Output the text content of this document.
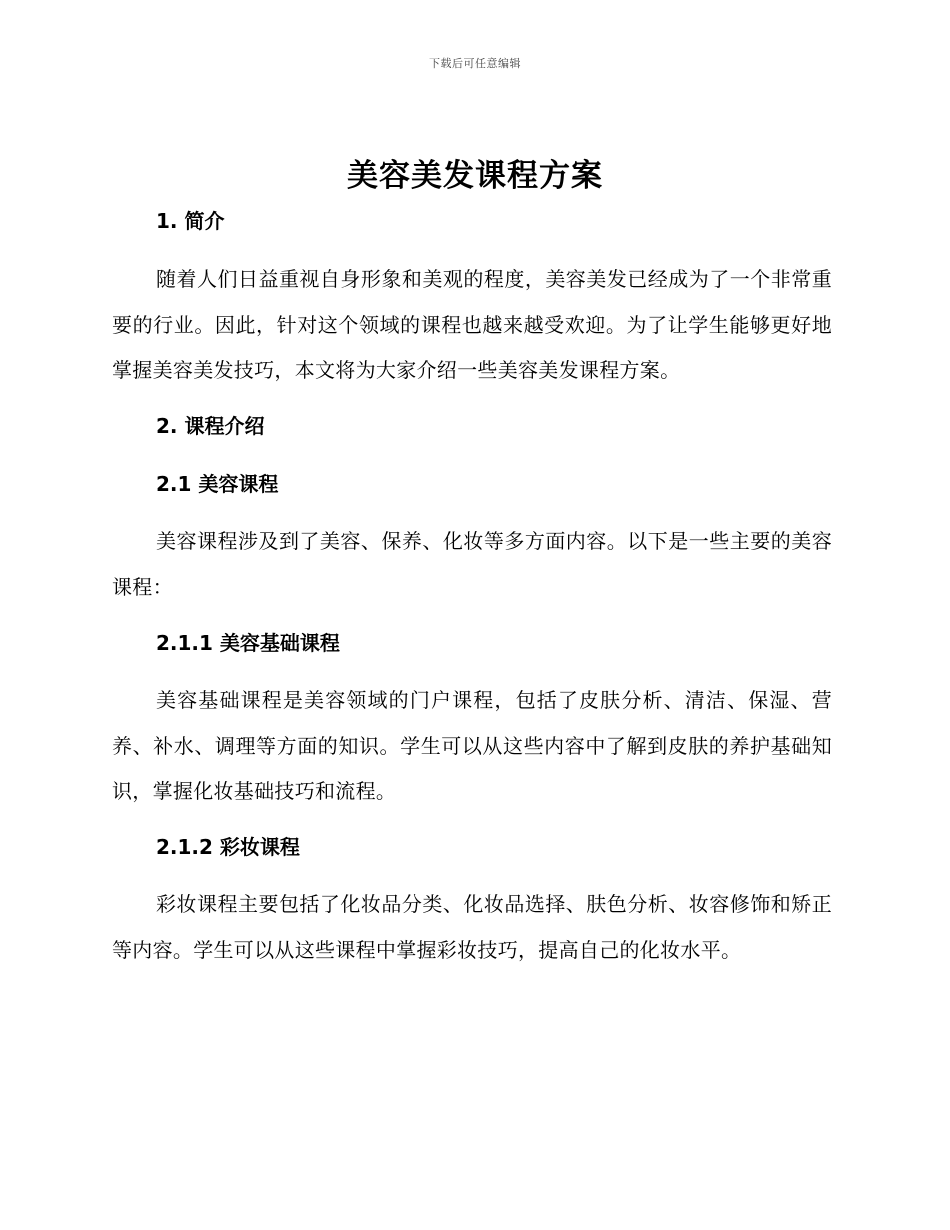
下载后可任意编辑
美容美发课程方案
1. 简介

随着人们日益重视自身形象和美观的程度，美容美发已经成为了一个非常重要的行业。因此，针对这个领域的课程也越来越受欢迎。为了让学生能够更好地掌握美容美发技巧，本文将为大家介绍一些美容美发课程方案。

2. 课程介绍
2.1 美容课程

美容课程涉及到了美容、保养、化妆等多方面内容。以下是一些主要的美容课程：

2.1.1 美容基础课程

美容基础课程是美容领域的门户课程，包括了皮肤分析、清洁、保湿、营养、补水、调理等方面的知识。学生可以从这些内容中了解到皮肤的养护基础知识，掌握化妆基础技巧和流程。

2.1.2 彩妆课程

彩妆课程主要包括了化妆品分类、化妆品选择、肤色分析、妆容修饰和矫正等内容。学生可以从这些课程中掌握彩妆技巧，提高自己的化妆水平。
